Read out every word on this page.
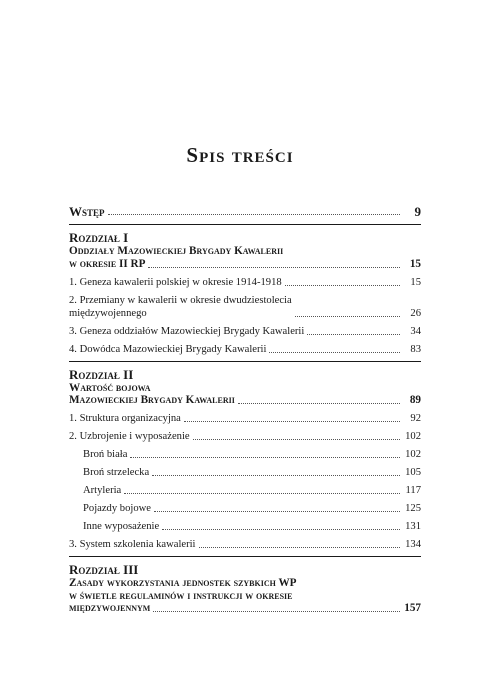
Spis treści
Wstęp	9
Rozdział I
Oddziały Mazowieckiej Brygady Kawalerii
w okresie II RP	15
1. Geneza kawalerii polskiej w okresie 1914-1918	15
2. Przemiany w kawalerii w okresie dwudziestolecia
międzywojennego	26
3. Geneza oddziałów Mazowieckiej Brygady Kawalerii	34
4. Dowódca Mazowieckiej Brygady Kawalerii	83
Rozdział II
Wartość bojowa
Mazowieckiej Brygady Kawalerii	89
1. Struktura organizacyjna	92
2. Uzbrojenie i wyposażenie	102
Broń biała	102
Broń strzelecka	105
Artyleria	117
Pojazdy bojowe	125
Inne wyposażenie	131
3. System szkolenia kawalerii	134
Rozdział III
Zasady wykorzystania jednostek szybkich WP
w świetle regulaminów i instrukcji w okresie
międzywojennym	157
